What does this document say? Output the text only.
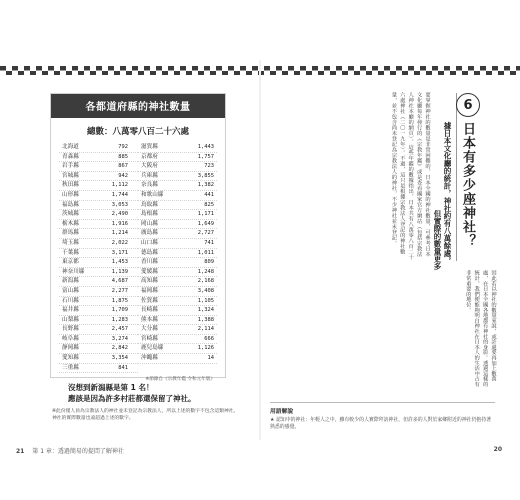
各都道府縣的神社數量
總數：八萬零八百二十六處
北海道	792
青森縣	885
岩手縣	867
宮城縣	942
秋田縣	1,112
山形縣	1,744
福島縣	3,053
茨城縣	2,490
栃木縣	1,916
群馬縣	1,214
埼玉縣	2,022
千葉縣	3,171
東京都	1,453
神奈川縣	1,139
新潟縣	4,687
富山縣	2,277
石川縣	1,875
福井縣	1,709
山梨縣	1,283
長野縣	2,457
岐阜縣	3,274
靜岡縣	2,842
愛知縣	3,354
三重縣	841
滋賀縣	1,443
京都府	1,757
大阪府	723
兵庫縣	3,855
奈良縣	1,382
和歌山縣	441
鳥取縣	825
島根縣	1,171
岡山縣	1,649
廣島縣	2,727
山口縣	741
德島縣	1,011
香川縣	809
愛媛縣	1,248
高知縣	2,168
福岡縣	3,408
佐賀縣	1,105
長崎縣	1,324
熊本縣	1,388
大分縣	2,114
宮崎縣	666
鹿兒島縣	1,126
沖繩縣	14
※節錄自《宗教年鑑 令和元年版》
沒想到新潟縣是第 1 名！
應該是因為許多村莊都還保留了神社。
※此份僅人員為宗教法人的神社並未登記為宗教法人，所以上述的數字不包含這類神社。神社的實際數量也遠超過上述的數字。
21 第 1 章：透過簡易的提問了解神社
6
日本有多少座神社？
據日本文化廳的統計，神社約有八萬餘處，
但實際的數量更多
要掌握神社的數量是非常困難的。日本全國的神社數量，可參考日本文化廳每年發行的《宗教年鑑》或是查看國家官方網站（包括宗教法人神社本廳的網頁）。這些年鑑的數據指出，日本共有八萬零八百二十六處神社（二〇一九年）。不過，這只是根據宗教法人登記的神社數量，並不包含尚未登記為宗教法人的神社，不少神社並未登記。
因此若以神社的數量來說，或許還要再加上數萬處，在日本全國各地都有神社的身影。透過這樣的統計，我們便能夠明白神社在日本人的生活中占有非常重要的地位。
用語解說
★ 認知中的神社：年輕人之中，雖有較少的人實際拜訪神社，但許多的人對於家鄉附近的神社仍抱持著熟悉的感覺。
20
